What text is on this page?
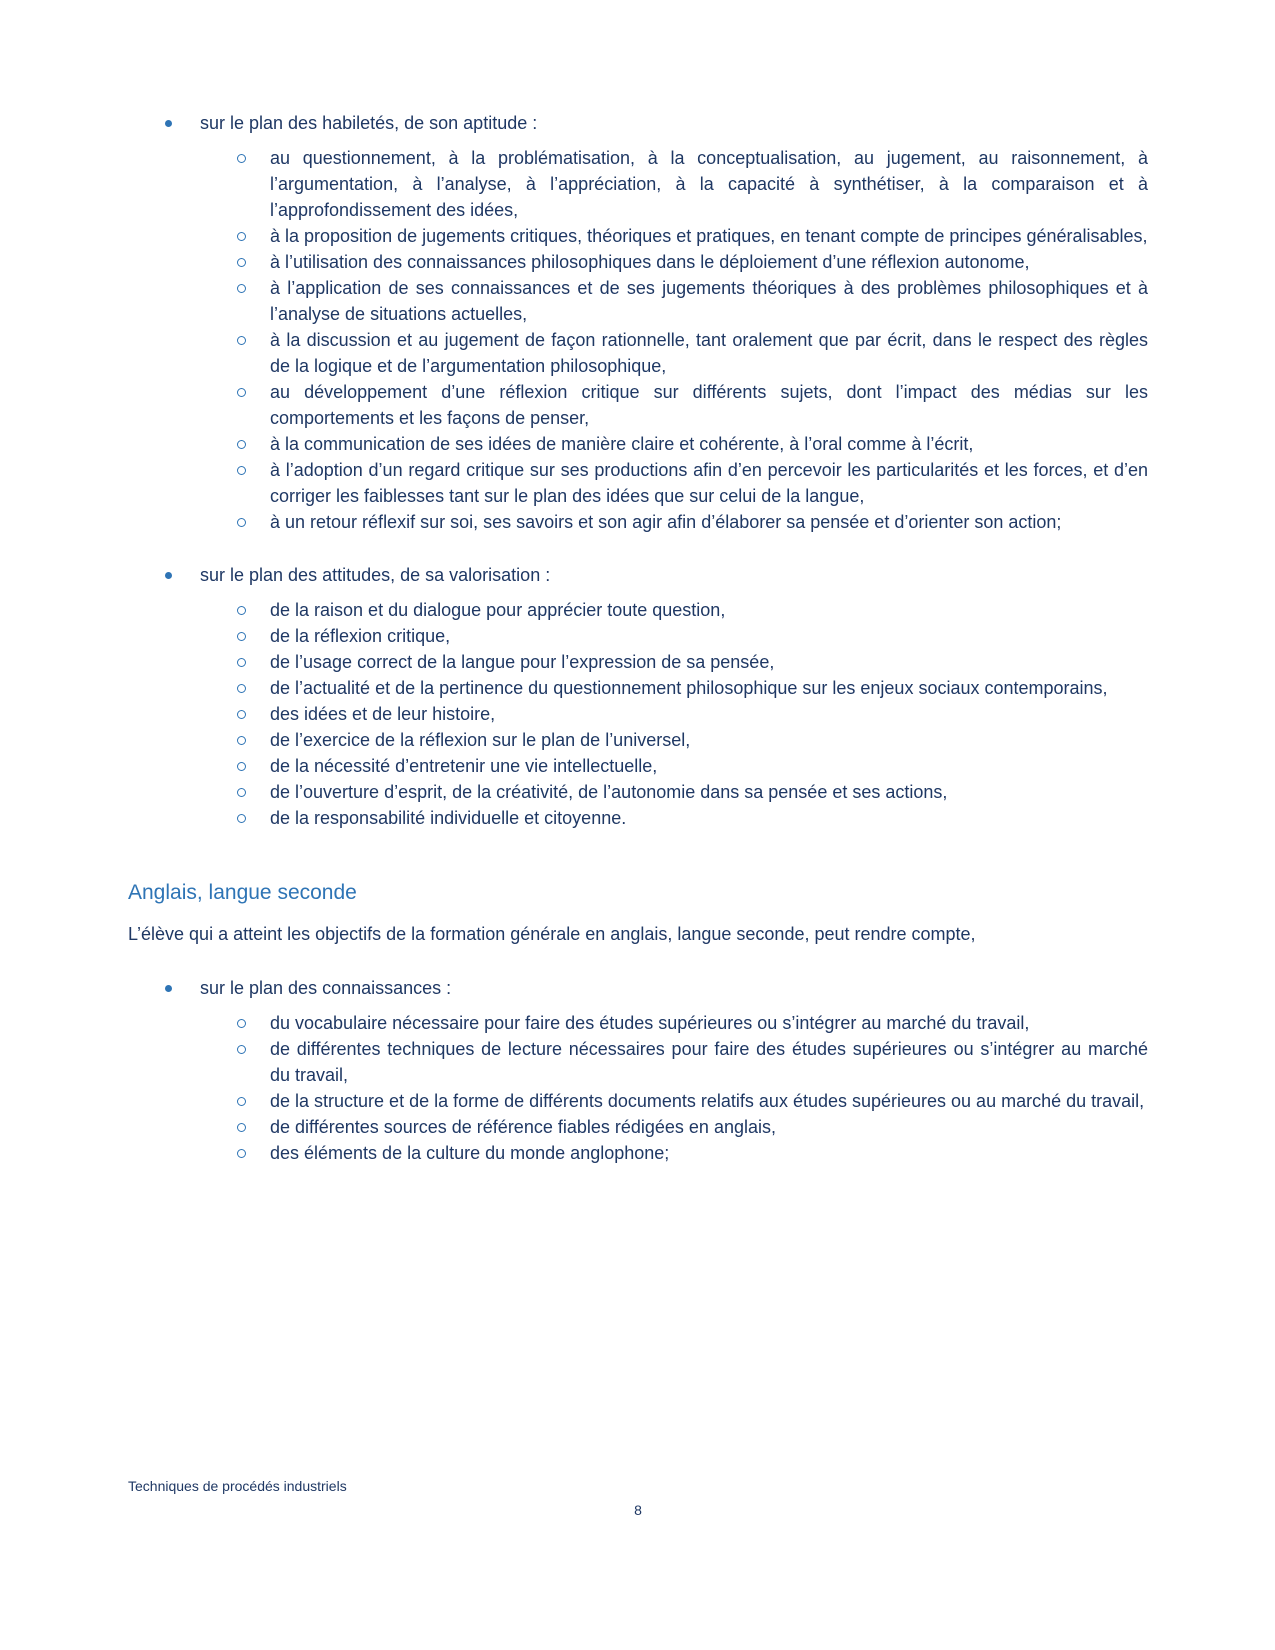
sur le plan des habiletés, de son aptitude :
au questionnement, à la problématisation, à la conceptualisation, au jugement, au raisonnement, à l’argumentation, à l’analyse, à l’appréciation, à la capacité à synthétiser, à la comparaison et à l’approfondissement des idées,
à la proposition de jugements critiques, théoriques et pratiques, en tenant compte de principes généralisables,
à l’utilisation des connaissances philosophiques dans le déploiement d’une réflexion autonome,
à l’application de ses connaissances et de ses jugements théoriques à des problèmes philosophiques et à l’analyse de situations actuelles,
à la discussion et au jugement de façon rationnelle, tant oralement que par écrit, dans le respect des règles de la logique et de l’argumentation philosophique,
au développement d’une réflexion critique sur différents sujets, dont l’impact des médias sur les comportements et les façons de penser,
à la communication de ses idées de manière claire et cohérente, à l’oral comme à l’écrit,
à l’adoption d’un regard critique sur ses productions afin d’en percevoir les particularités et les forces, et d’en corriger les faiblesses tant sur le plan des idées que sur celui de la langue,
à un retour réflexif sur soi, ses savoirs et son agir afin d’élaborer sa pensée et d’orienter son action;
sur le plan des attitudes, de sa valorisation :
de la raison et du dialogue pour apprécier toute question,
de la réflexion critique,
de l’usage correct de la langue pour l’expression de sa pensée,
de l’actualité et de la pertinence du questionnement philosophique sur les enjeux sociaux contemporains,
des idées et de leur histoire,
de l’exercice de la réflexion sur le plan de l’universel,
de la nécessité d’entretenir une vie intellectuelle,
de l’ouverture d’esprit, de la créativité, de l’autonomie dans sa pensée et ses actions,
de la responsabilité individuelle et citoyenne.
Anglais, langue seconde

L’élève qui a atteint les objectifs de la formation générale en anglais, langue seconde, peut rendre compte,

sur le plan des connaissances :
du vocabulaire nécessaire pour faire des études supérieures ou s’intégrer au marché du travail,
de différentes techniques de lecture nécessaires pour faire des études supérieures ou s’intégrer au marché du travail,
de la structure et de la forme de différents documents relatifs aux études supérieures ou au marché du travail,
de différentes sources de référence fiables rédigées en anglais,
des éléments de la culture du monde anglophone;
Techniques de procédés industriels
8
